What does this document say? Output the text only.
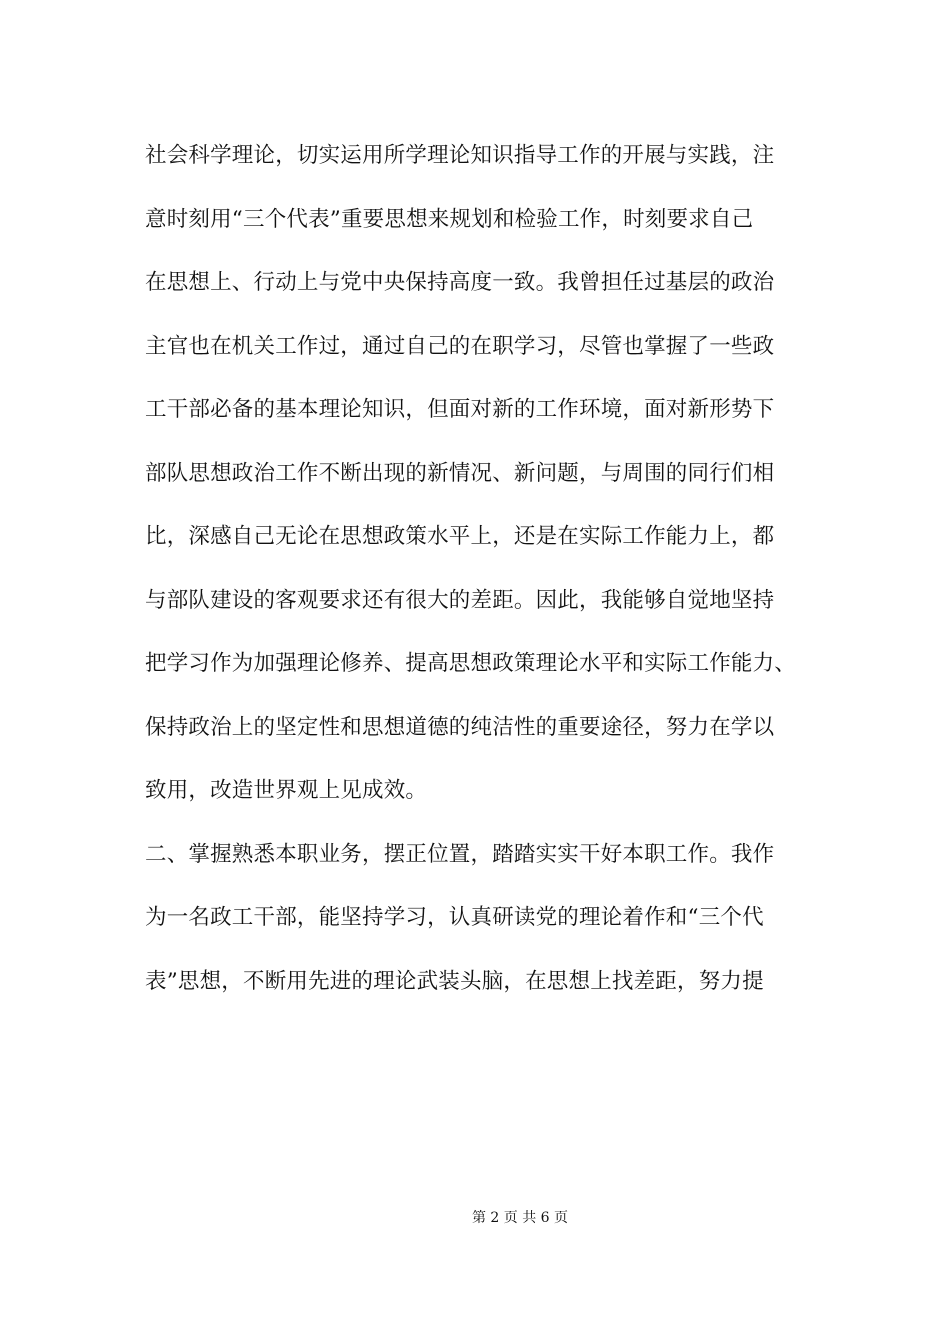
社会科学理论，切实运用所学理论知识指导工作的开展与实践，注
意时刻用“三个代表”重要思想来规划和检验工作，时刻要求自己
在思想上、行动上与党中央保持高度一致。我曾担任过基层的政治
主官也在机关工作过，通过自己的在职学习，尽管也掌握了一些政
工干部必备的基本理论知识，但面对新的工作环境，面对新形势下
部队思想政治工作不断出现的新情况、新问题，与周围的同行们相
比，深感自己无论在思想政策水平上，还是在实际工作能力上，都
与部队建设的客观要求还有很大的差距。因此，我能够自觉地坚持
把学习作为加强理论修养、提高思想政策理论水平和实际工作能力、
保持政治上的坚定性和思想道德的纯洁性的重要途径，努力在学以
致用，改造世界观上见成效。
二、掌握熟悉本职业务，摆正位置，踏踏实实干好本职工作。我作
为一名政工干部，能坚持学习，认真研读党的理论着作和“三个代
表”思想，不断用先进的理论武装头脑，在思想上找差距，努力提
第 2 页 共 6 页
